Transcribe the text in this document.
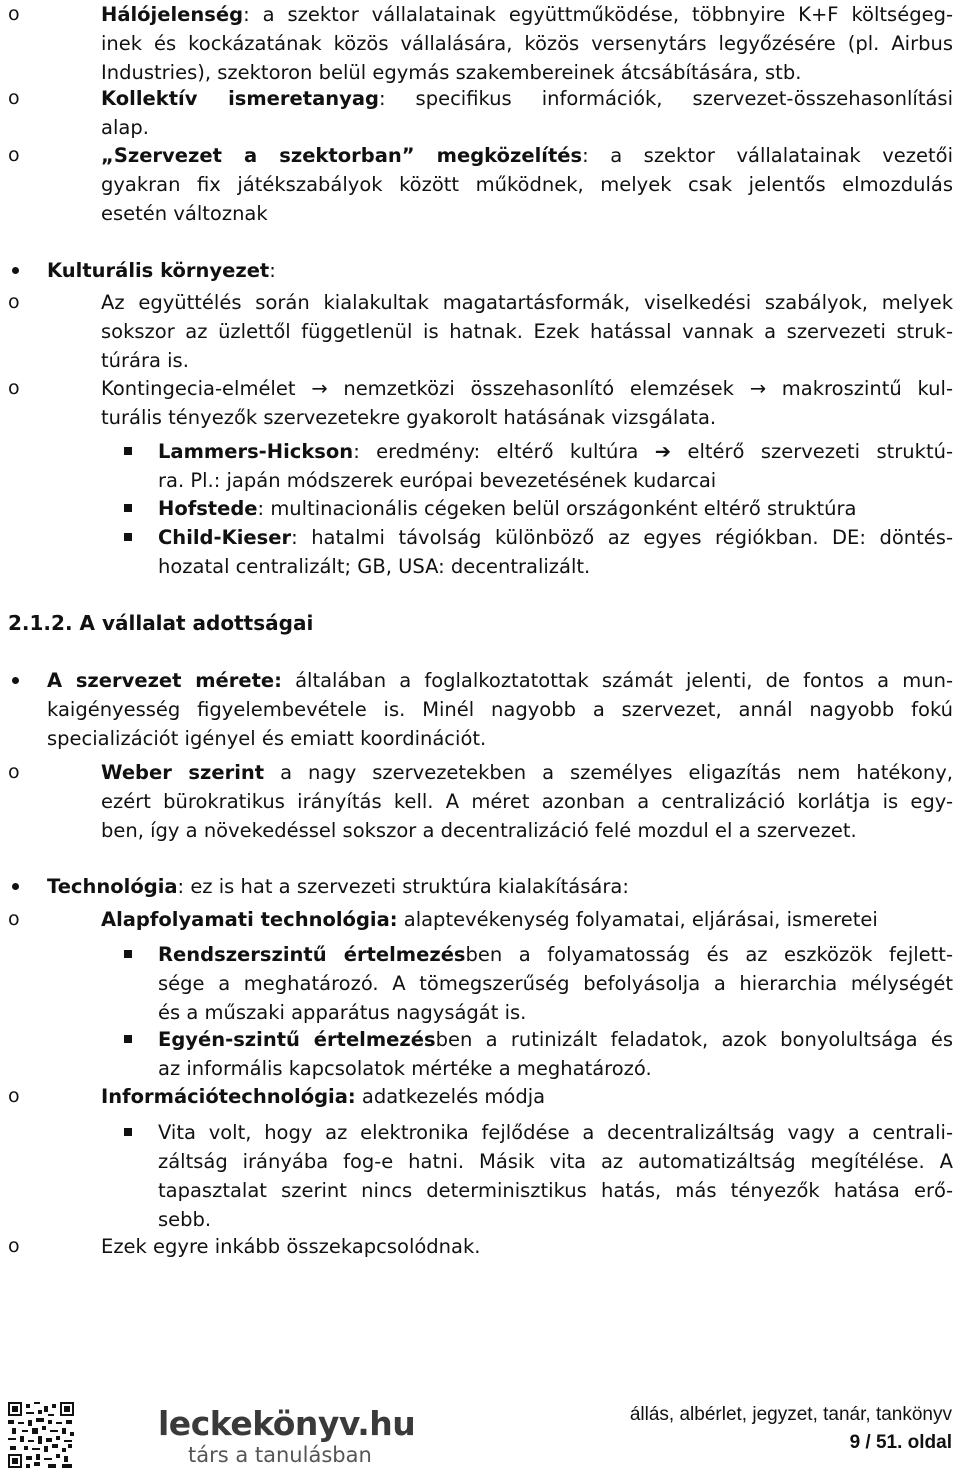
o	Hálójelenség: a szektor vállalatainak együttműködése, többnyire K+F költségeg-
inek és kockázatának közös vállalására, közös versenytárs legyőzésére (pl. Airbus
Industries), szektoron belül egymás szakembereinek átcsábítására, stb.
o	Kollektív ismeretanyag: specifikus információk, szervezet-összehasonlítási
alap.
o	„Szervezet a szektorban” megközelítés: a szektor vállalatainak vezetői
gyakran fix játékszabályok között működnek, melyek csak jelentős elmozdulás
esetén változnak
Kulturális környezet:
o	Az együttélés során kialakultak magatartásformák, viselkedési szabályok, melyek
sokszor az üzlettől függetlenül is hatnak. Ezek hatással vannak a szervezeti struk-
túrára is.
o	Kontingecia-elmélet → nemzetközi összehasonlító elemzések → makroszintű kul-
turális tényezők szervezetekre gyakorolt hatásának vizsgálata.
Lammers-Hickson: eredmény: eltérő kultúra ➔ eltérő szervezeti struktú-
ra. Pl.: japán módszerek európai bevezetésének kudarcai
Hofstede: multinacionális cégeken belül országonként eltérő struktúra
Child-Kieser: hatalmi távolság különböző az egyes régiókban. DE: döntés-
hozatal centralizált; GB, USA: decentralizált.
2.1.2. A vállalat adottságai
A szervezet mérete: általában a foglalkoztatottak számát jelenti, de fontos a mun-
kaigényesség figyelembevétele is. Minél nagyobb a szervezet, annál nagyobb fokú
specializációt igényel és emiatt koordinációt.
o	Weber szerint a nagy szervezetekben a személyes eligazítás nem hatékony,
ezért bürokratikus irányítás kell. A méret azonban a centralizáció korlátja is egy-
ben, így a növekedéssel sokszor a decentralizáció felé mozdul el a szervezet.
Technológia: ez is hat a szervezeti struktúra kialakítására:
o	Alapfolyamati technológia: alaptevékenység folyamatai, eljárásai, ismeretei
Rendszerszintű értelmezésben a folyamatosság és az eszközök fejlett-
sége a meghatározó. A tömegszerűség befolyásolja a hierarchia mélységét
és a műszaki apparátus nagyságát is.
Egyén-szintű értelmezésben a rutinizált feladatok, azok bonyolultsága és
az informális kapcsolatok mértéke a meghatározó.
o	Információtechnológia: adatkezelés módja
Vita volt, hogy az elektronika fejlődése a decentralizáltság vagy a centrali-
záltság irányába fog-e hatni. Másik vita az automatizáltság megítélése. A
tapasztalat szerint nincs determinisztikus hatás, más tényezők hatása erő-
sebb.
o	Ezek egyre inkább összekapcsolódnak.
leckekönyv.hu
társ a tanulásban
állás, albérlet, jegyzet, tanár, tankönyv
9 / 51. oldal
